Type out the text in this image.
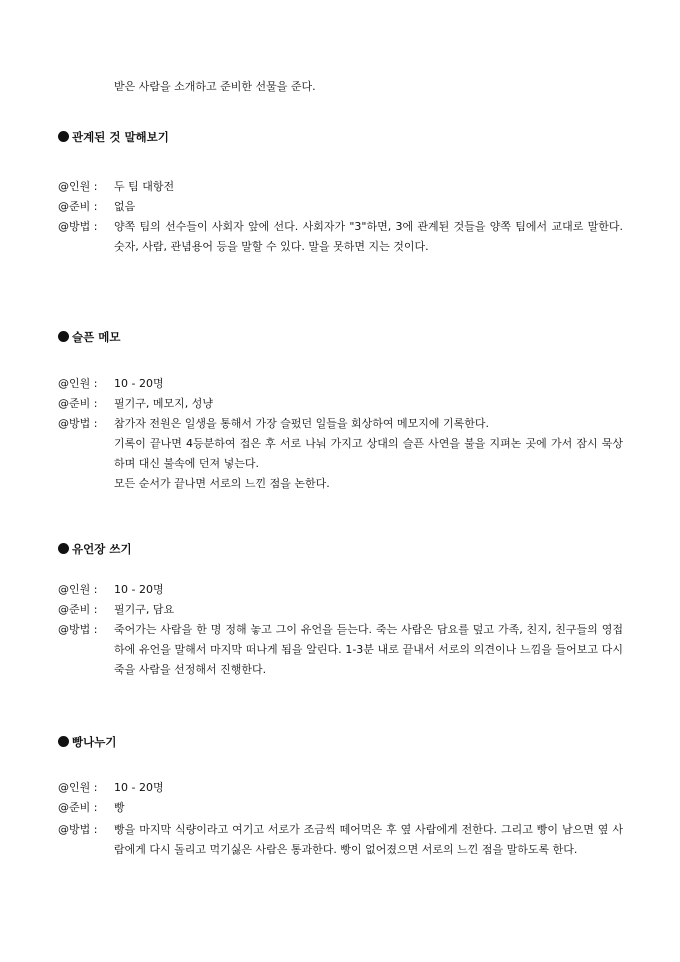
받은 사람을 소개하고 준비한 선물을 준다.
관계된 것 말해보기
@인원 : 두 팀 대항전
@준비 : 없음
@방법 : 양쪽 팀의 선수들이 사회자 앞에 선다. 사회자가 "3"하면, 3에 관계된 것들을 양쪽 팀에서 교대로 말한다. 숫자, 사람, 관념용어 등을 말할 수 있다. 말을 못하면 지는 것이다.
슬픈 메모
@인원 : 10 - 20명
@준비 : 필기구, 메모지, 성냥
@방법 : 참가자 전원은 일생을 통해서 가장 슬펐던 일들을 회상하여 메모지에 기록한다.
기록이 끝나면 4등분하여 접은 후 서로 나눠 가지고 상대의 슬픈 사연을 불을 지펴논 곳에 가서 잠시 묵상하며 대신 불속에 던져 넣는다.
모든 순서가 끝나면 서로의 느낀 점을 논한다.
유언장 쓰기
@인원 : 10 - 20명
@준비 : 필기구, 담요
@방법 : 죽어가는 사람을 한 명 정해 놓고 그이 유언을 듣는다. 죽는 사람은 담요를 덮고 가족, 친지, 친구들의 영접하에 유언을 말해서 마지막 떠나게 됨을 알린다. 1-3분 내로 끝내서 서로의 의견이나 느낌을 들어보고 다시 죽을 사람을 선정해서 진행한다.
빵나누기
@인원 : 10 - 20명
@준비 : 빵
@방법 : 빵을 마지막 식량이라고 여기고 서로가 조금씩 떼어먹은 후 옆 사람에게 전한다. 그리고 빵이 남으면 옆 사람에게 다시 돌리고 먹기싫은 사람은 통과한다. 빵이 없어졌으면 서로의 느낀 점을 말하도록 한다.
